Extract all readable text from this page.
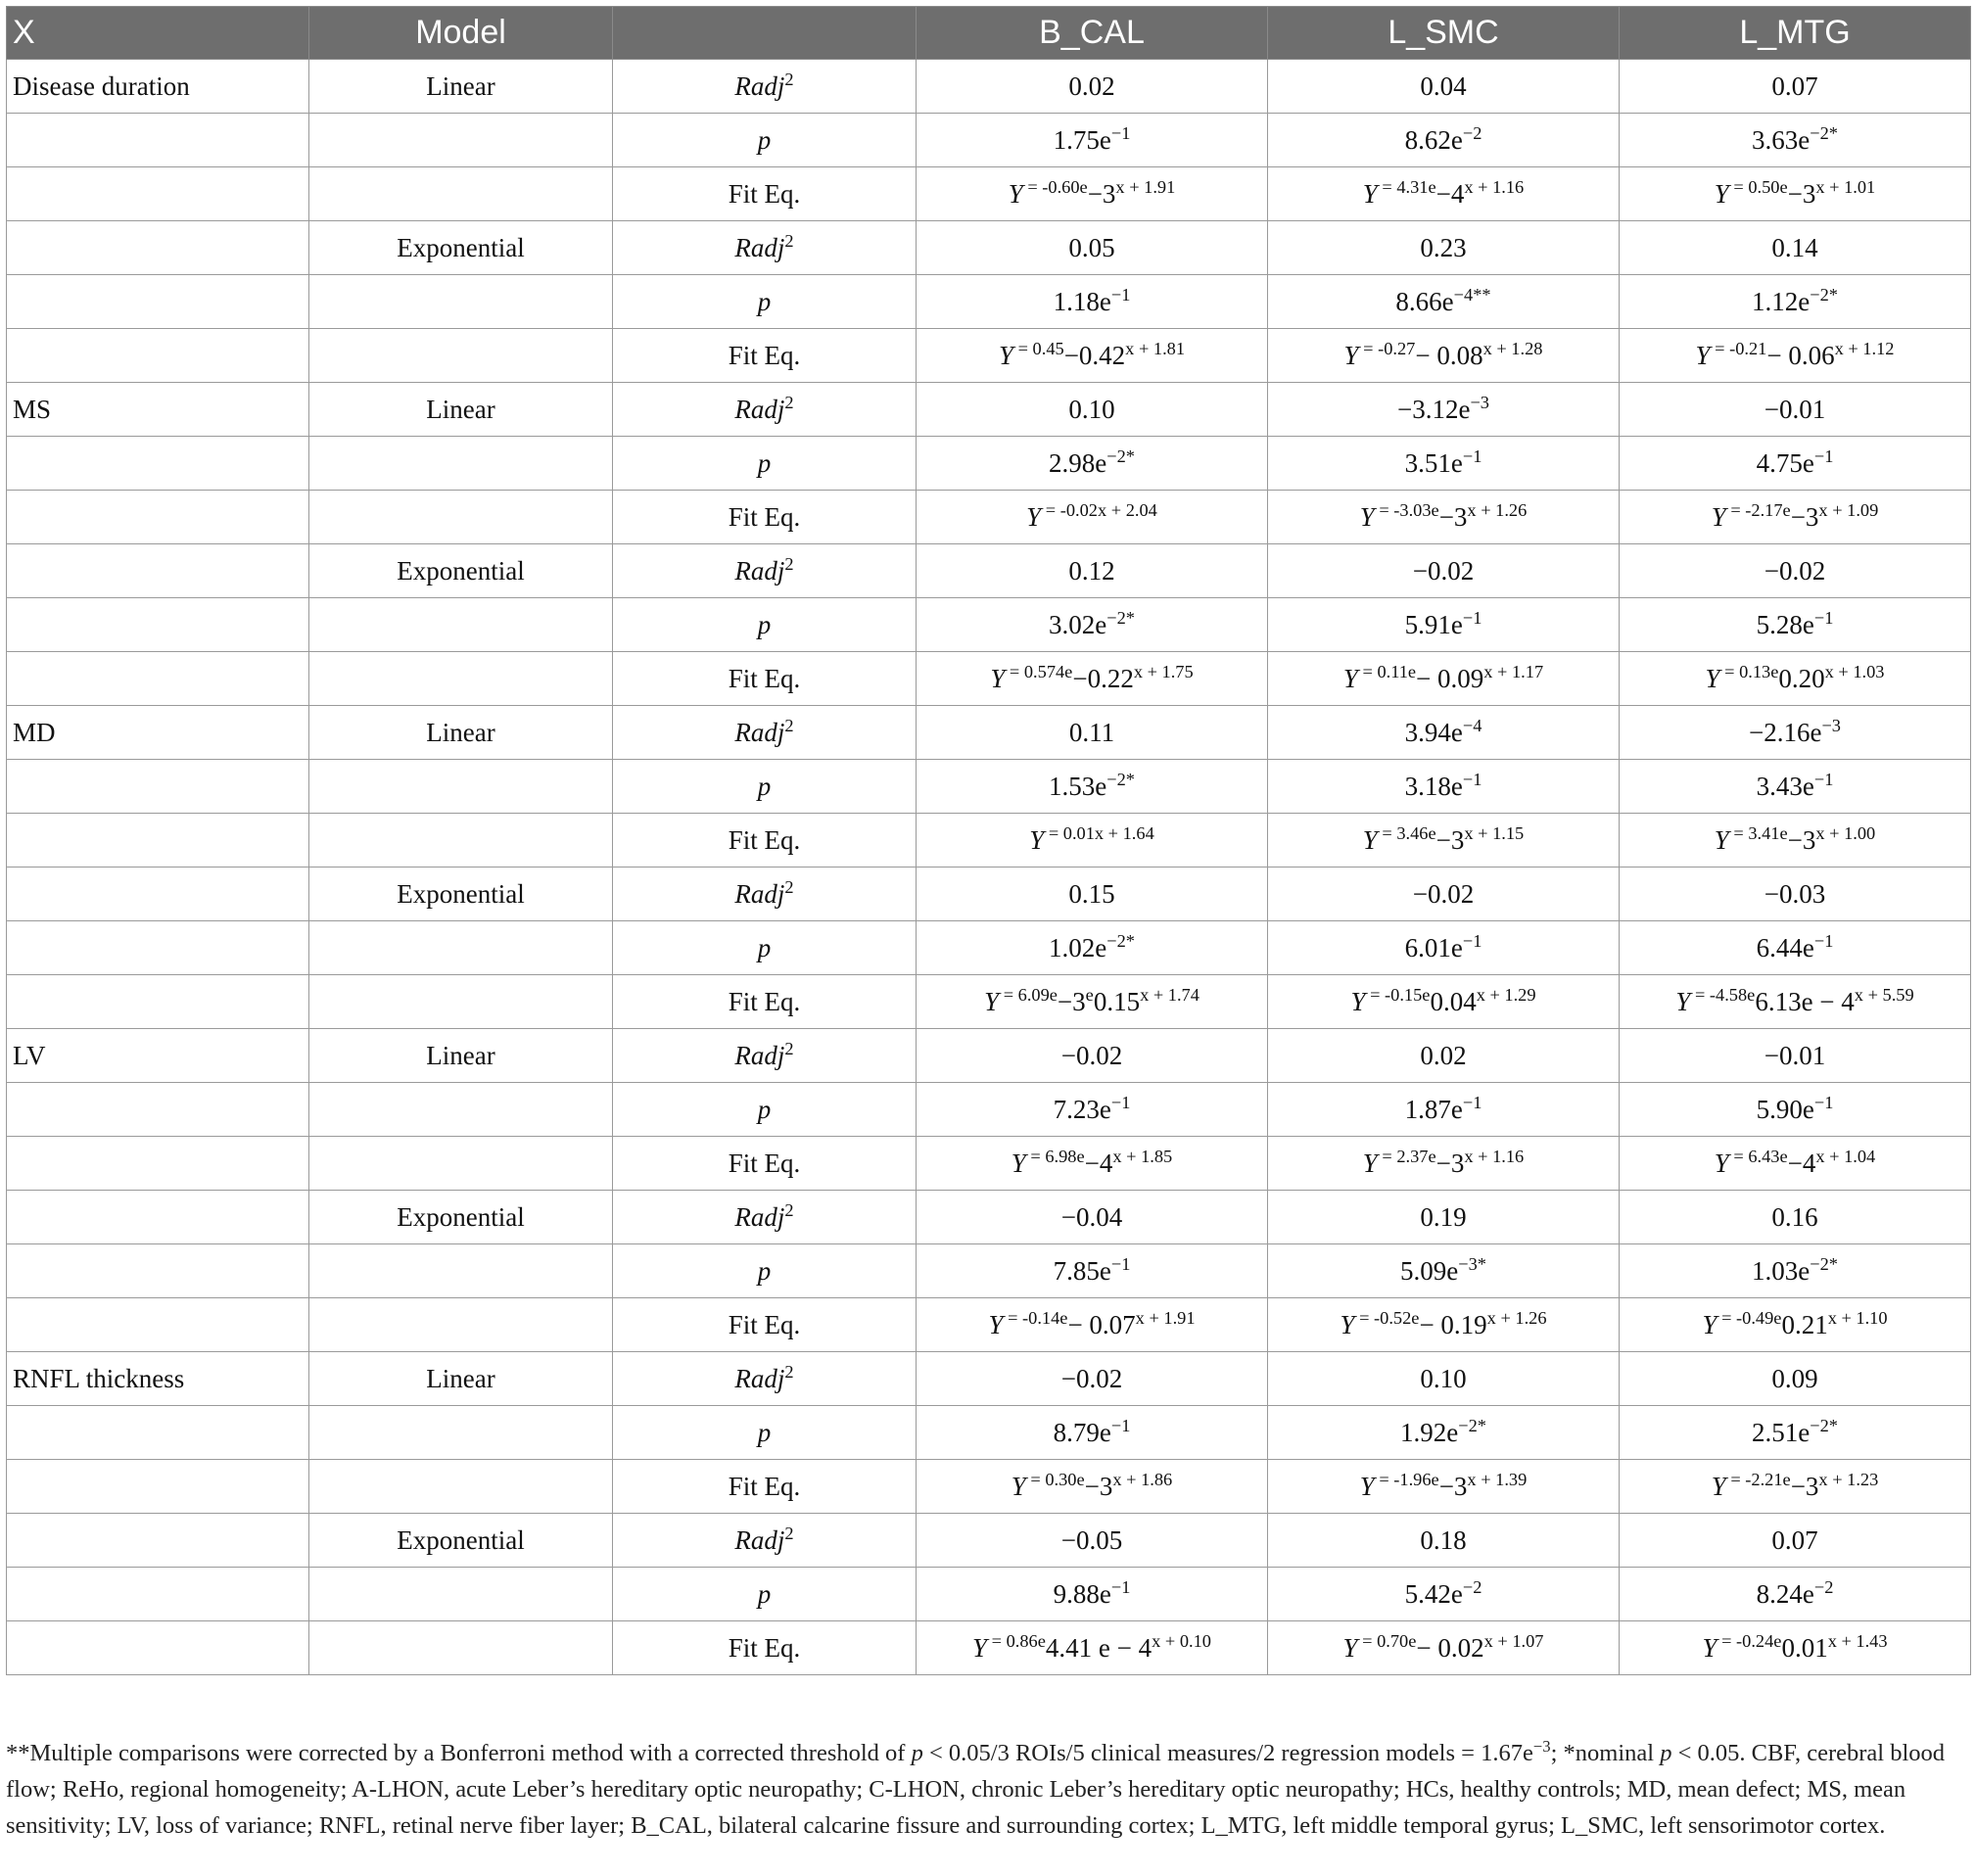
X	Model		B_CAL	L_SMC	L_MTG
Disease duration	Linear	Radj$^2$	0.02	0.04	0.07
		p	$1.75e^{-1}$	$8.62e^{-2}$	$3.63e^{-2*}$
		Fit Eq.	Y $^{= -0.60e}-3^{x + 1.91}$	Y $^{= 4.31e}-4^{x + 1.16}$	Y $^{= 0.50e}-3^{x + 1.01}$
	Exponential	Radj$^2$	0.05	0.23	0.14
		p	$1.18e^{-1}$	$8.66e^{-4**}$	$1.12e^{-2*}$
		Fit Eq.	Y $^{= 0.45}-0.42^{x + 1.81}$	Y $^{= -0.27}- 0.08^{x + 1.28}$	Y $^{= -0.21}- 0.06^{x + 1.12}$
MS	Linear	Radj$^2$	0.10	$-3.12e^{-3}$	−0.01
		p	$2.98e^{-2*}$	$3.51e^{-1}$	$4.75e^{-1}$
		Fit Eq.	Y $^{= -0.02x + 2.04}$	Y $^{= -3.03e}-3^{x + 1.26}$	Y $^{= -2.17e}-3^{x + 1.09}$
	Exponential	Radj$^2$	0.12	−0.02	−0.02
		p	$3.02e^{-2*}$	$5.91e^{-1}$	$5.28e^{-1}$
		Fit Eq.	Y $^{= 0.574e}-0.22^{x + 1.75}$	Y $^{= 0.11e}- 0.09^{x + 1.17}$	Y $^{= 0.13e}0.20^{x + 1.03}$
MD	Linear	Radj$^2$	0.11	$3.94e^{-4}$	$-2.16e^{-3}$
		p	$1.53e^{-2*}$	$3.18e^{-1}$	$3.43e^{-1}$
		Fit Eq.	Y $^{= 0.01x + 1.64}$	Y $^{= 3.46e}-3^{x + 1.15}$	Y $^{= 3.41e}-3^{x + 1.00}$
	Exponential	Radj$^2$	0.15	−0.02	−0.03
		p	$1.02e^{-2*}$	$6.01e^{-1}$	$6.44e^{-1}$
		Fit Eq.	Y $^{= 6.09e}-3^e0.15^{x + 1.74}$	Y $^{= -0.15e}0.04^{x + 1.29}$	Y $^{= -4.58e}6.13e - 4^{x + 5.59}$
LV	Linear	Radj$^2$	−0.02	0.02	−0.01
		p	$7.23e^{-1}$	$1.87e^{-1}$	$5.90e^{-1}$
		Fit Eq.	Y $^{= 6.98e}-4^{x + 1.85}$	Y $^{= 2.37e}-3^{x + 1.16}$	Y $^{= 6.43e}-4^{x + 1.04}$
	Exponential	Radj$^2$	−0.04	0.19	0.16
		p	$7.85e^{-1}$	$5.09e^{-3*}$	$1.03e^{-2*}$
		Fit Eq.	Y $^{= -0.14e}- 0.07^{x + 1.91}$	Y $^{= -0.52e}- 0.19^{x + 1.26}$	Y $^{= -0.49e}0.21^{x + 1.10}$
RNFL thickness	Linear	Radj$^2$	−0.02	0.10	0.09
		p	$8.79e^{-1}$	$1.92e^{-2*}$	$2.51e^{-2*}$
		Fit Eq.	Y $^{= 0.30e}-3^{x + 1.86}$	Y $^{= -1.96e}-3^{x + 1.39}$	Y $^{= -2.21e}-3^{x + 1.23}$
	Exponential	Radj$^2$	−0.05	0.18	0.07
		p	$9.88e^{-1}$	$5.42e^{-2}$	$8.24e^{-2}$
		Fit Eq.	Y $^{= 0.86e}$4.41 $e - 4^{x + 0.10}$	Y $^{= 0.70e}- 0.02^{x + 1.07}$	Y $^{= -0.24e}0.01^{x + 1.43}$

**Multiple comparisons were corrected by a Bonferroni method with a corrected threshold of p < 0.05/3 ROIs/5 clinical measures/2 regression models = $1.67e^{-3}$; *nominal p < 0.05. CBF, cerebral blood flow; ReHo, regional homogeneity; A-LHON, acute Leber’s hereditary optic neuropathy; C-LHON, chronic Leber’s hereditary optic neuropathy; HCs, healthy controls; MD, mean defect; MS, mean sensitivity; LV, loss of variance; RNFL, retinal nerve fiber layer; B_CAL, bilateral calcarine fissure and surrounding cortex; L_MTG, left middle temporal gyrus; L_SMC, left sensorimotor cortex.
